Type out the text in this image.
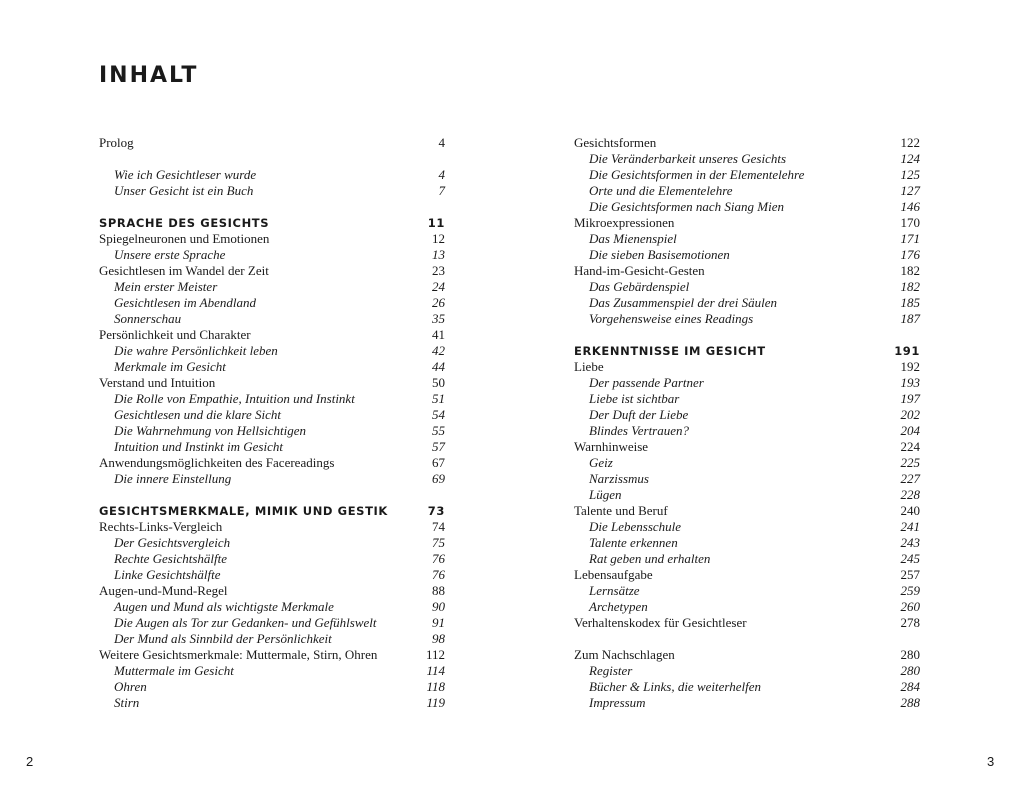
INHALT
Prolog	4
Wie ich Gesichtleser wurde	4
Unser Gesicht ist ein Buch	7
SPRACHE DES GESICHTS	11
Spiegelneuronen und Emotionen	12
Unsere erste Sprache	13
Gesichtlesen im Wandel der Zeit	23
Mein erster Meister	24
Gesichtlesen im Abendland	26
Sonnerschau	35
Persönlichkeit und Charakter	41
Die wahre Persönlichkeit leben	42
Merkmale im Gesicht	44
Verstand und Intuition	50
Die Rolle von Empathie, Intuition und Instinkt	51
Gesichtlesen und die klare Sicht	54
Die Wahrnehmung von Hellsichtigen	55
Intuition und Instinkt im Gesicht	57
Anwendungsmöglichkeiten des Facereadings	67
Die innere Einstellung	69
GESICHTSMERKMALE, MIMIK UND GESTIK	73
Rechts-Links-Vergleich	74
Der Gesichtsvergleich	75
Rechte Gesichtshälfte	76
Linke Gesichtshälfte	76
Augen-und-Mund-Regel	88
Augen und Mund als wichtigste Merkmale	90
Die Augen als Tor zur Gedanken- und Gefühlswelt	91
Der Mund als Sinnbild der Persönlichkeit	98
Weitere Gesichtsmerkmale: Muttermale, Stirn, Ohren	112
Muttermale im Gesicht	114
Ohren	118
Stirn	119
Gesichtsformen	122
Die Veränderbarkeit unseres Gesichts	124
Die Gesichtsformen in der Elementelehre	125
Orte und die Elementelehre	127
Die Gesichtsformen nach Siang Mien	146
Mikroexpressionen	170
Das Mienenspiel	171
Die sieben Basisemotionen	176
Hand-im-Gesicht-Gesten	182
Das Gebärdenspiel	182
Das Zusammenspiel der drei Säulen	185
Vorgehensweise eines Readings	187
ERKENNTNISSE IM GESICHT	191
Liebe	192
Der passende Partner	193
Liebe ist sichtbar	197
Der Duft der Liebe	202
Blindes Vertrauen?	204
Warnhinweise	224
Geiz	225
Narzissmus	227
Lügen	228
Talente und Beruf	240
Die Lebensschule	241
Talente erkennen	243
Rat geben und erhalten	245
Lebensaufgabe	257
Lernsätze	259
Archetypen	260
Verhaltenskodex für Gesichtleser	278
Zum Nachschlagen	280
Register	280
Bücher & Links, die weiterhelfen	284
Impressum	288
2	3
